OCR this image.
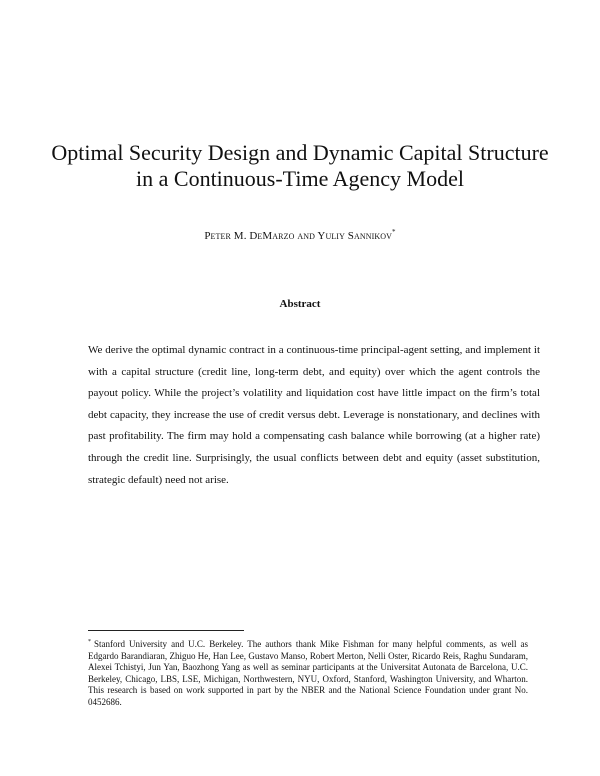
Optimal Security Design and Dynamic Capital Structure
in a Continuous-Time Agency Model
Peter M. DeMarzo and Yuliy Sannikov*
Abstract
We derive the optimal dynamic contract in a continuous-time principal-agent setting, and implement it with a capital structure (credit line, long-term debt, and equity) over which the agent controls the payout policy. While the project’s volatility and liquidation cost have little impact on the firm’s total debt capacity, they increase the use of credit versus debt. Leverage is nonstationary, and declines with past profitability. The firm may hold a compensating cash balance while borrowing (at a higher rate) through the credit line. Surprisingly, the usual conflicts between debt and equity (asset substitution, strategic default) need not arise.
* Stanford University and U.C. Berkeley. The authors thank Mike Fishman for many helpful comments, as well as Edgardo Barandiaran, Zhiguo He, Han Lee, Gustavo Manso, Robert Merton, Nelli Oster, Ricardo Reis, Raghu Sundaram, Alexei Tchistyi, Jun Yan, Baozhong Yang as well as seminar participants at the Universitat Autonata de Barcelona, U.C. Berkeley, Chicago, LBS, LSE, Michigan, Northwestern, NYU, Oxford, Stanford, Washington University, and Wharton. This research is based on work supported in part by the NBER and the National Science Foundation under grant No. 0452686.
